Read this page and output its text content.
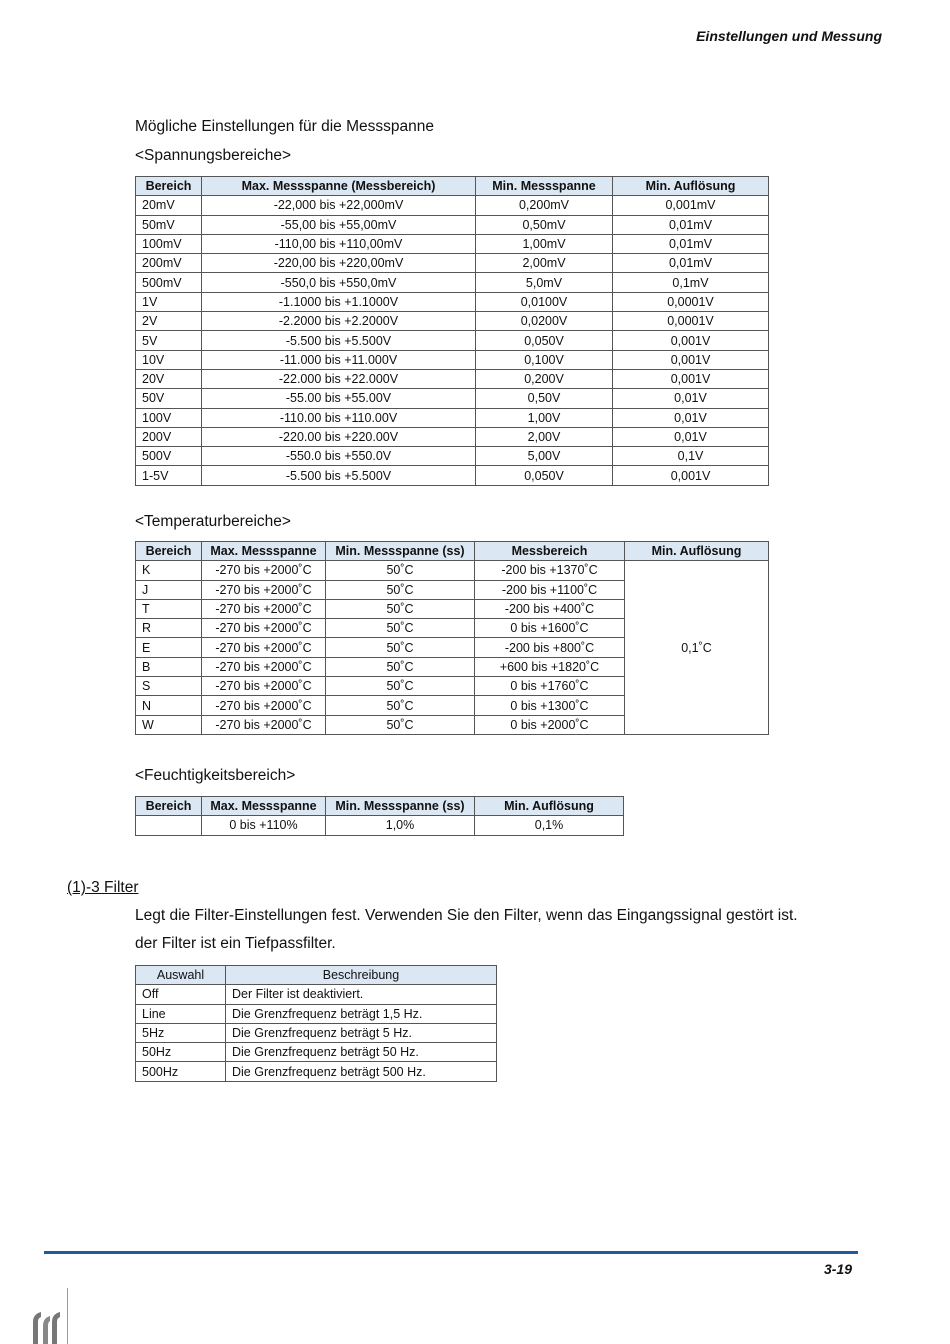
Einstellungen und Messung
Mögliche Einstellungen für die Messspanne
<Spannungsbereiche>
Bereich	Max. Messspanne (Messbereich)	Min. Messspanne	Min. Auflösung
20mV	-22,000 bis +22,000mV	0,200mV	0,001mV
50mV	-55,00 bis +55,00mV	0,50mV	0,01mV
100mV	-110,00 bis +110,00mV	1,00mV	0,01mV
200mV	-220,00 bis +220,00mV	2,00mV	0,01mV
500mV	-550,0 bis +550,0mV	5,0mV	0,1mV
1V	-1.1000 bis +1.1000V	0,0100V	0,0001V
2V	-2.2000 bis +2.2000V	0,0200V	0,0001V
5V	-5.500 bis +5.500V	0,050V	0,001V
10V	-11.000 bis +11.000V	0,100V	0,001V
20V	-22.000 bis +22.000V	0,200V	0,001V
50V	-55.00 bis +55.00V	0,50V	0,01V
100V	-110.00 bis +110.00V	1,00V	0,01V
200V	-220.00 bis +220.00V	2,00V	0,01V
500V	-550.0 bis +550.0V	5,00V	0,1V
1-5V	-5.500 bis +5.500V	0,050V	0,001V
<Temperaturbereiche>
Bereich	Max. Messspanne	Min. Messspanne (ss)	Messbereich	Min. Auflösung
K	-270 bis +2000˚C	50˚C	-200 bis +1370˚C	0,1˚C
J	-270 bis +2000˚C	50˚C	-200 bis +1100˚C	
T	-270 bis +2000˚C	50˚C	-200 bis +400˚C	
R	-270 bis +2000˚C	50˚C	0 bis +1600˚C	
E	-270 bis +2000˚C	50˚C	-200 bis +800˚C	
B	-270 bis +2000˚C	50˚C	+600 bis +1820˚C	
S	-270 bis +2000˚C	50˚C	0 bis +1760˚C	
N	-270 bis +2000˚C	50˚C	0 bis +1300˚C	
W	-270 bis +2000˚C	50˚C	0 bis +2000˚C	
<Feuchtigkeitsbereich>
Bereich	Max. Messspanne	Min. Messspanne (ss)	Min. Auflösung
	0 bis +110%	1,0%	0,1%
(1)-3 Filter
Legt die Filter-Einstellungen fest. Verwenden Sie den Filter, wenn das Eingangssignal gestört ist.
der Filter ist ein Tiefpassfilter.
Auswahl	Beschreibung
Off	Der Filter ist deaktiviert.
Line	Die Grenzfrequenz beträgt 1,5 Hz.
5Hz	Die Grenzfrequenz beträgt 5 Hz.
50Hz	Die Grenzfrequenz beträgt 50 Hz.
500Hz	Die Grenzfrequenz beträgt 500 Hz.
3-19
